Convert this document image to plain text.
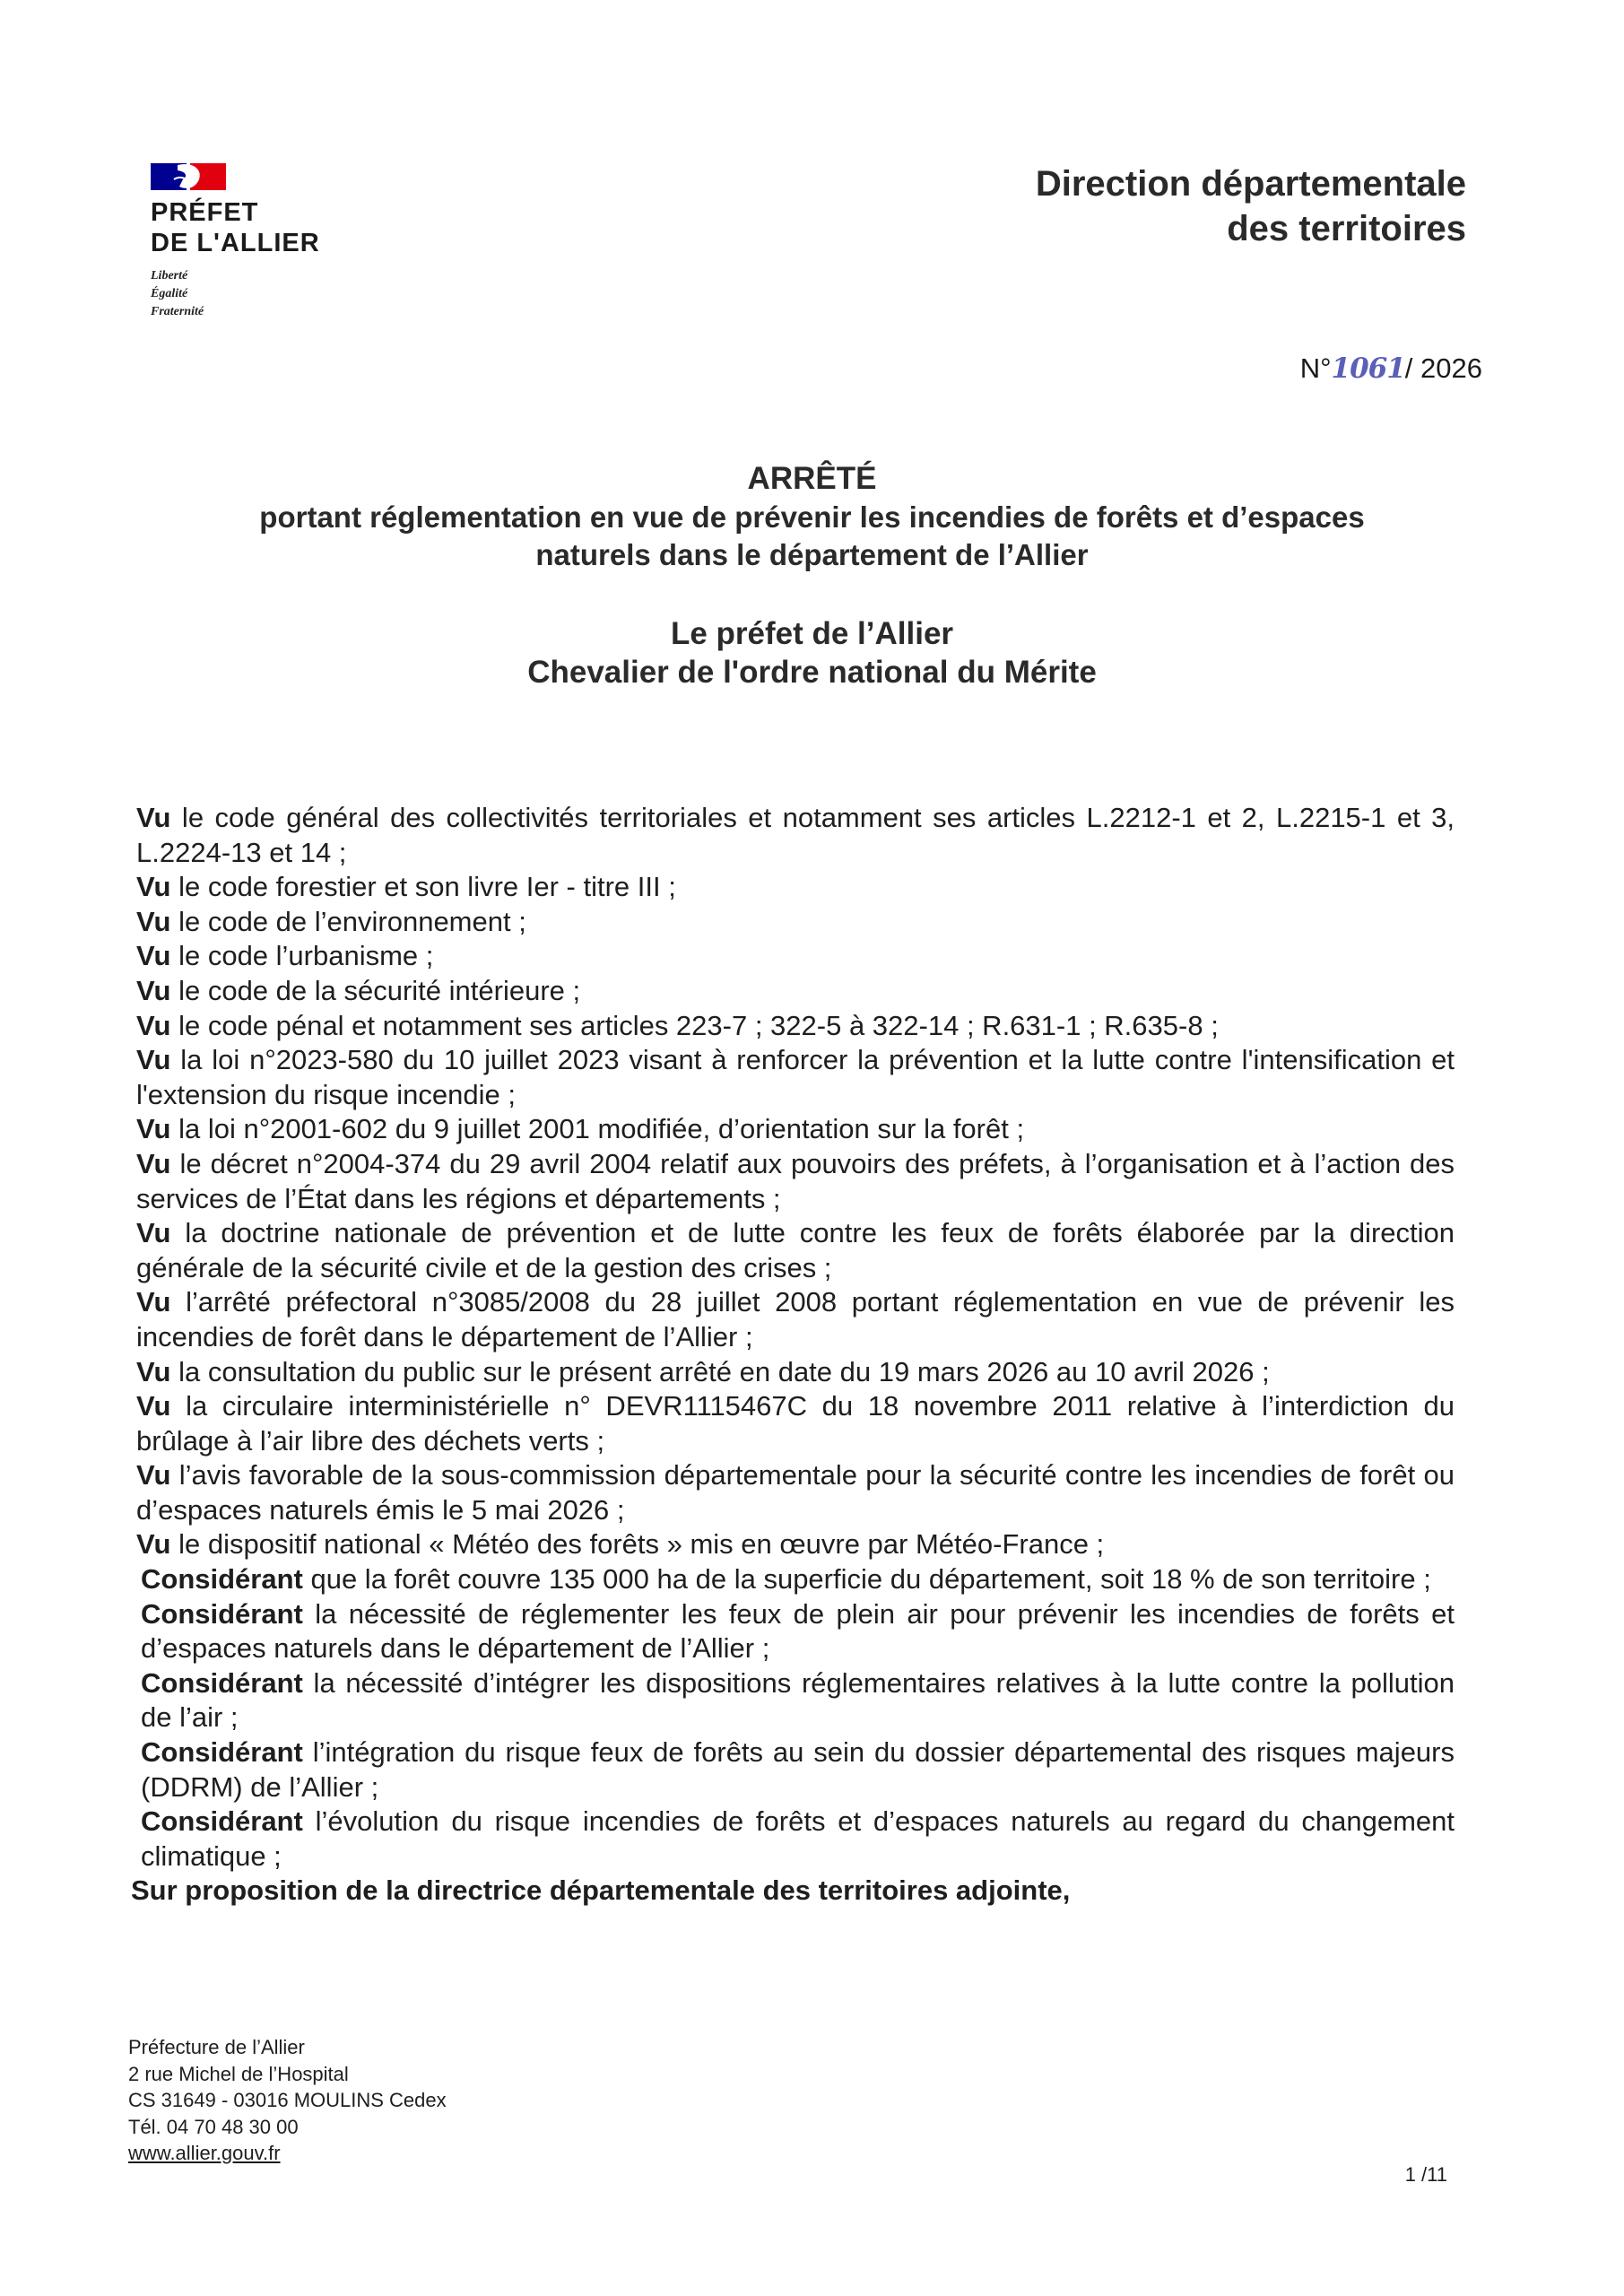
PRÉFET
DE L'ALLIER
Liberté
Égalité
Fraternité
Direction départementale
des territoires
N°1061/ 2026
ARRÊTÉ
portant réglementation en vue de prévenir les incendies de forêts et d’espaces
naturels dans le département de l’Allier
Le préfet de l’Allier
Chevalier de l'ordre national du Mérite
Vu le code général des collectivités territoriales et notamment ses articles L.2212-1 et 2, L.2215-1 et 3, L.2224-13 et 14 ;
Vu le code forestier et son livre Ier - titre III ;
Vu le code de l’environnement ;
Vu le code l’urbanisme ;
Vu le code de la sécurité intérieure ;
Vu le code pénal et notamment ses articles 223-7 ; 322-5 à 322-14 ; R.631-1 ; R.635-8 ;
Vu la loi n°2023-580 du 10 juillet 2023 visant à renforcer la prévention et la lutte contre l'intensification et l'extension du risque incendie ;
Vu la loi n°2001-602 du 9 juillet 2001 modifiée, d’orientation sur la forêt ;
Vu le décret n°2004-374 du 29 avril 2004 relatif aux pouvoirs des préfets, à l’organisation et à l’action des services de l’État dans les régions et départements ;
Vu la doctrine nationale de prévention et de lutte contre les feux de forêts élaborée par la direction générale de la sécurité civile et de la gestion des crises ;
Vu l’arrêté préfectoral n°3085/2008 du 28 juillet 2008 portant réglementation en vue de prévenir les incendies de forêt dans le département de l’Allier ;
Vu la consultation du public sur le présent arrêté en date du 19 mars 2026 au 10 avril 2026 ;
Vu la circulaire interministérielle n° DEVR1115467C du 18 novembre 2011 relative à l’interdiction du brûlage à l’air libre des déchets verts ;
Vu l’avis favorable de la sous-commission départementale pour la sécurité contre les incendies de forêt ou d’espaces naturels émis le 5 mai 2026 ;
Vu le dispositif national « Météo des forêts » mis en œuvre par Météo-France ;
Considérant que la forêt couvre 135 000 ha de la superficie du département, soit 18 % de son territoire ;
Considérant la nécessité de réglementer les feux de plein air pour prévenir les incendies de forêts et d’espaces naturels dans le département de l’Allier ;
Considérant la nécessité d’intégrer les dispositions réglementaires relatives à la lutte contre la pollution de l’air ;
Considérant l’intégration du risque feux de forêts au sein du dossier départemental des risques majeurs (DDRM) de l’Allier ;
Considérant l’évolution du risque incendies de forêts et d’espaces naturels au regard du changement climatique ;
Sur proposition de la directrice départementale des territoires adjointe,
Préfecture de l’Allier
2 rue Michel de l’Hospital
CS 31649 - 03016 MOULINS Cedex
Tél. 04 70 48 30 00
www.allier.gouv.fr
1 /11
